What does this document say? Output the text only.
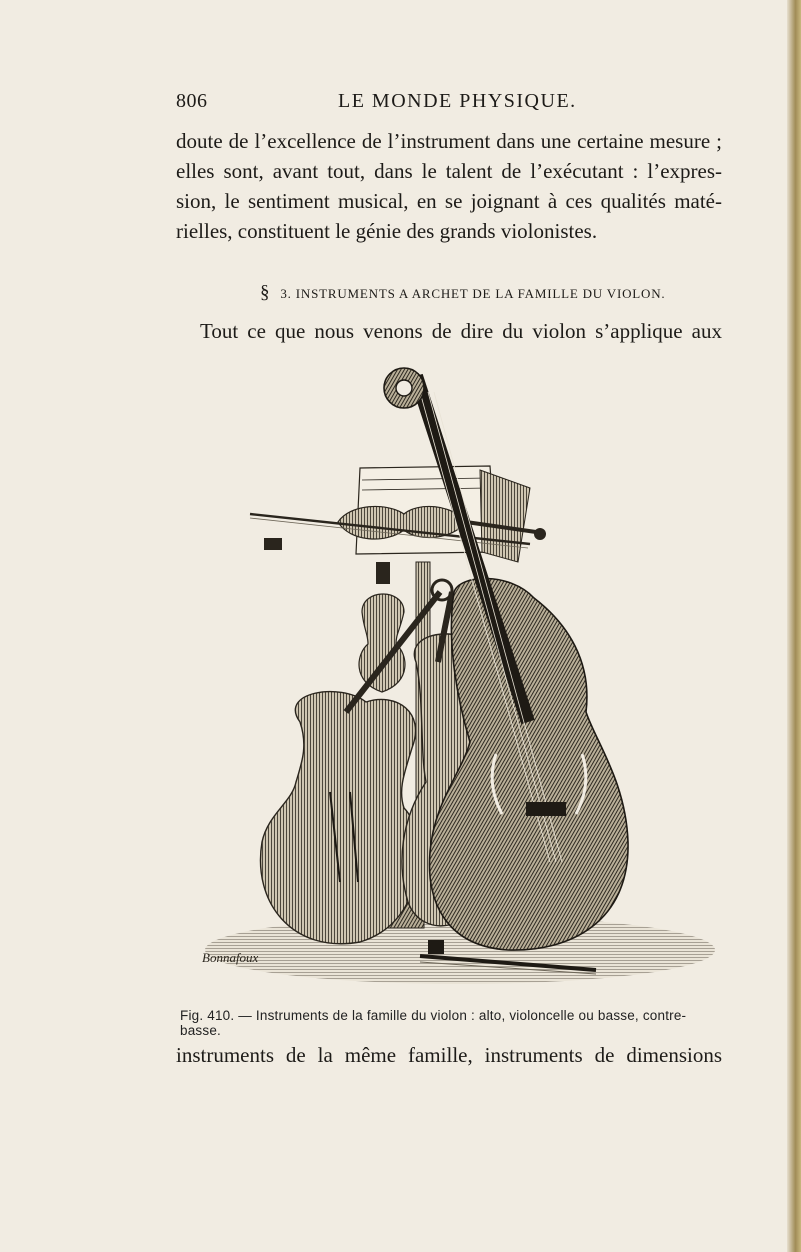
806	LE MONDE PHYSIQUE.
doute de l’excellence de l’instrument dans une certaine mesure ;
elles sont, avant tout, dans le talent de l’exécutant : l’expres-
sion, le sentiment musical, en se joignant à ces qualités maté-
rielles, constituent le génie des grands violonistes.
§ 3. INSTRUMENTS A ARCHET DE LA FAMILLE DU VIOLON.
Tout ce que nous venons de dire du violon s’applique aux
Bonnafoux
Fig. 410. — Instruments de la famille du violon : alto, violoncelle ou basse, contre-basse.
instruments de la même famille, instruments de dimensions
